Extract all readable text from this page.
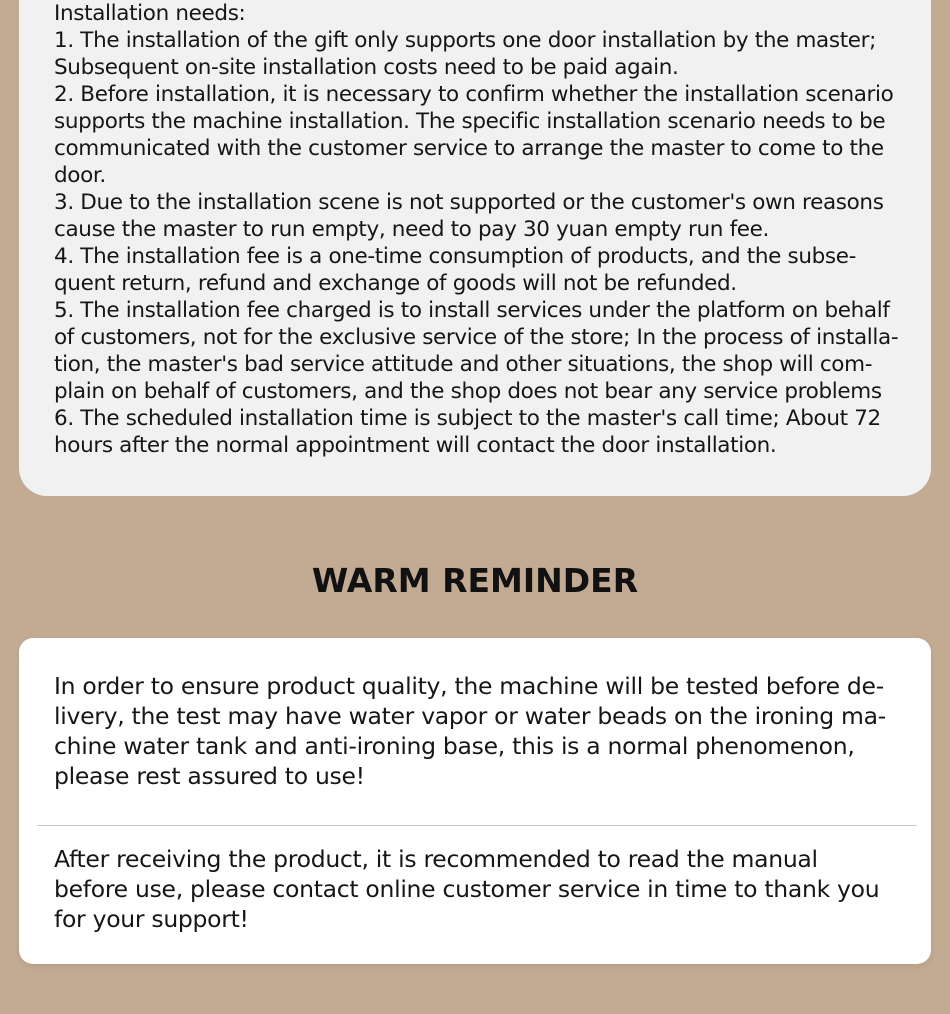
Installation needs:

1. The installation of the gift only supports one door installation by the master; Subsequent on-site installation costs need to be paid again.

2. Before installation, it is necessary to confirm whether the installation scenario supports the machine installation. The specific installation scenario needs to be communicated with the customer service to arrange the master to come to the door.

3. Due to the installation scene is not supported or the customer's own reasons cause the master to run empty, need to pay 30 yuan empty run fee.

4. The installation fee is a one-time consumption of products, and the subse-quent return, refund and exchange of goods will not be refunded.

5. The installation fee charged is to install services under the platform on behalf of customers, not for the exclusive service of the store; In the process of installa-tion, the master's bad service attitude and other situations, the shop will com-plain on behalf of customers, and the shop does not bear any service problems

6. The scheduled installation time is subject to the master's call time; About 72 hours after the normal appointment will contact the door installation.

WARM REMINDER

In order to ensure product quality, the machine will be tested before de-livery, the test may have water vapor or water beads on the ironing ma-chine water tank and anti-ironing base, this is a normal phenomenon, please rest assured to use!

After receiving the product, it is recommended to read the manual before use, please contact online customer service in time to thank you for your support!
